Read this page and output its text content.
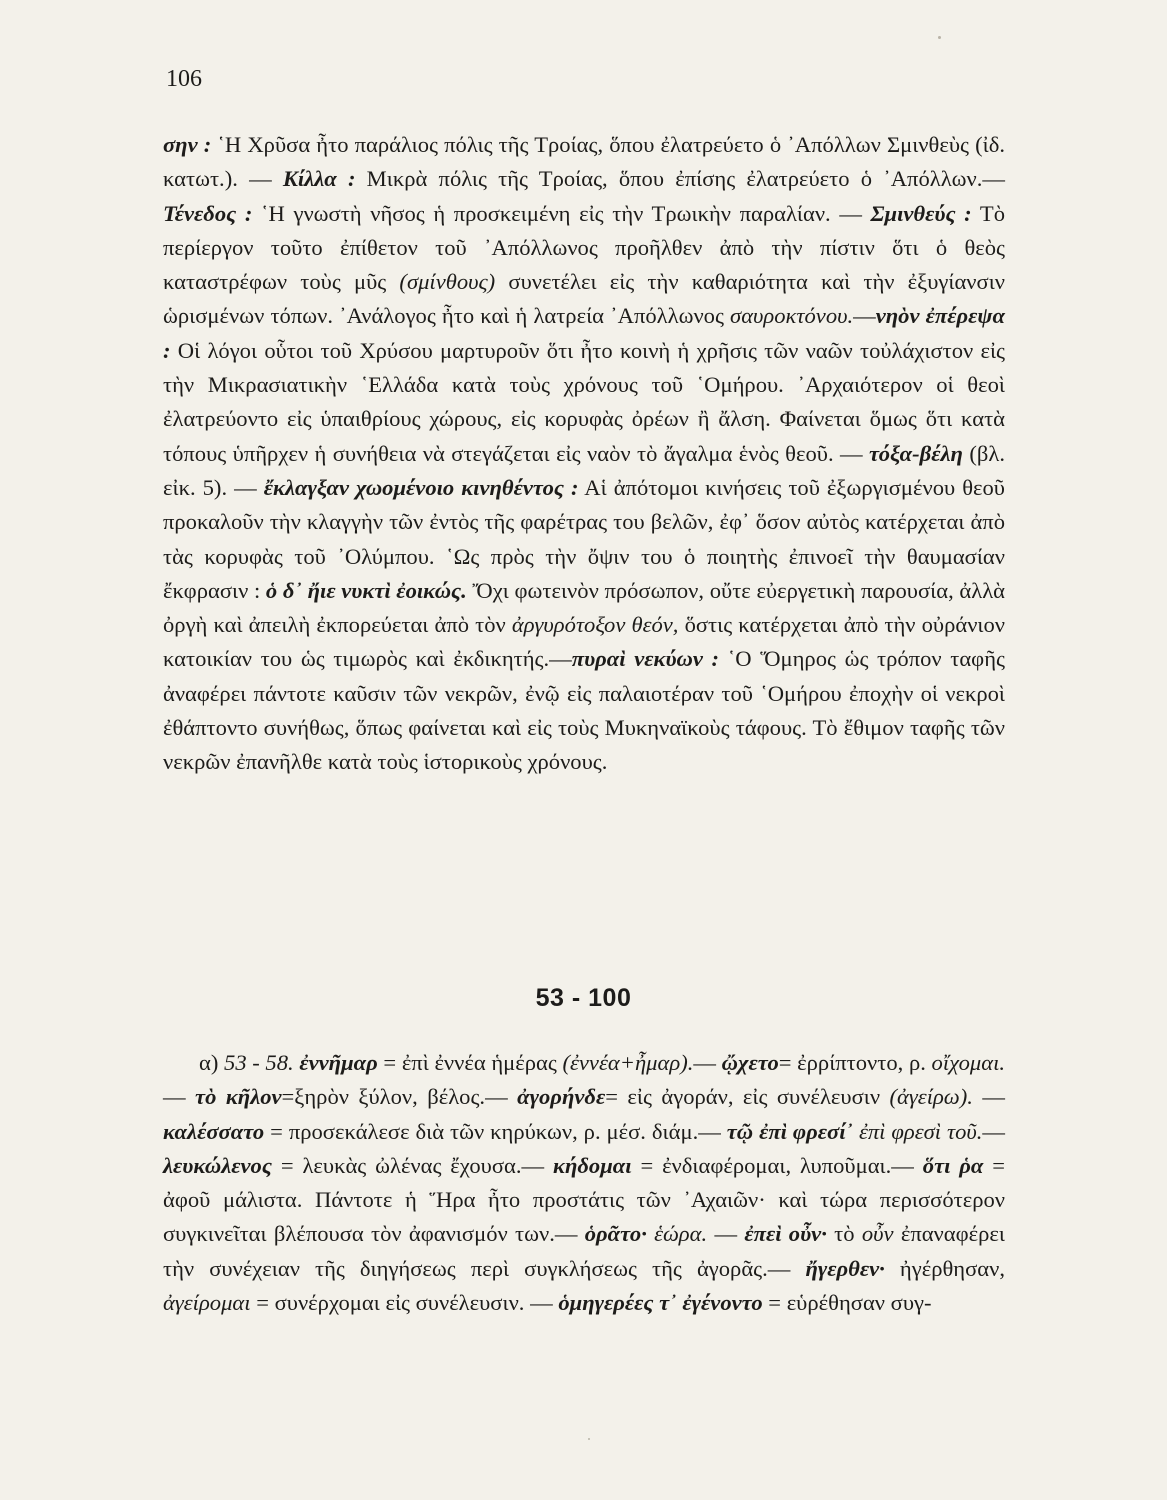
106

σην : ῾Η Χρῦσα ἦτο παράλιος πόλις τῆς Τροίας, ὅπου ἐλατρεύετο ὁ ᾿Απόλλων Σμινθεὺς (ἰδ. κατωτ.). — Κίλλα : Μικρὰ πόλις τῆς Τροίας, ὅπου ἐπίσης ἐλατρεύετο ὁ ᾿Απόλλων.— Τένεδος : ῾Η γνωστὴ νῆσος ἡ προσκειμένη εἰς τὴν Τρωικὴν παραλίαν. — Σμινθεύς : Τὸ περίεργον τοῦτο ἐπίθετον τοῦ ᾿Απόλλωνος προῆλθεν ἀπὸ τὴν πίστιν ὅτι ὁ θεὸς καταστρέφων τοὺς μῦς (σμίνθους) συνετέλει εἰς τὴν καθαριότητα καὶ τὴν ἐξυγίανσιν ὡρισμένων τόπων. ᾿Ανάλογος ἦτο καὶ ἡ λατρεία ᾿Απόλλωνος σαυροκτόνου.—νηὸν ἐπέρεψα : Οἱ λόγοι οὗτοι τοῦ Χρύσου μαρτυροῦν ὅτι ἦτο κοινὴ ἡ χρῆσις τῶν ναῶν τοὐλάχιστον εἰς τὴν Μικρασιατικὴν ῾Ελλάδα κατὰ τοὺς χρόνους τοῦ ῾Ομήρου. ᾿Αρχαιότερον οἱ θεοὶ ἐλατρεύοντο εἰς ὑπαιθρίους χώρους, εἰς κορυφὰς ὀρέων ἢ ἄλση. Φαίνεται ὅμως ὅτι κατὰ τόπους ὑπῆρχεν ἡ συνήθεια νὰ στεγάζεται εἰς ναὸν τὸ ἄγαλμα ἑνὸς θεοῦ. — τόξα-βέλη (βλ. εἰκ. 5). — ἔκλαγξαν χωομένοιο κινηθέντος : Αἱ ἀπότομοι κινήσεις τοῦ ἐξωργισμένου θεοῦ προκαλοῦν τὴν κλαγγὴν τῶν ἐντὸς τῆς φαρέτρας του βελῶν, ἐφ᾿ ὅσον αὐτὸς κατέρχεται ἀπὸ τὰς κορυφὰς τοῦ ᾿Ολύμπου. ῾Ως πρὸς τὴν ὄψιν του ὁ ποιητὴς ἐπινοεῖ τὴν θαυμασίαν ἔκφρασιν : ὁ δ᾿ ἤιε νυκτὶ ἐοικώς. Ὄχι φωτεινὸν πρόσωπον, οὔτε εὐεργετικὴ παρουσία, ἀλλὰ ὀργὴ καὶ ἀπειλὴ ἐκπορεύεται ἀπὸ τὸν ἀργυρότοξον θεόν, ὅστις κατέρχεται ἀπὸ τὴν οὐράνιον κατοικίαν του ὡς τιμωρὸς καὶ ἐκδικητής.—πυραὶ νεκύων : ῾Ο Ὅμηρος ὡς τρόπον ταφῆς ἀναφέρει πάντοτε καῦσιν τῶν νεκρῶν, ἐνῷ εἰς παλαιοτέραν τοῦ ῾Ομήρου ἐποχὴν οἱ νεκροὶ ἐθάπτοντο συνήθως, ὅπως φαίνεται καὶ εἰς τοὺς Μυκηναϊκοὺς τάφους. Τὸ ἔθιμον ταφῆς τῶν νεκρῶν ἐπανῆλθε κατὰ τοὺς ἱστορικοὺς χρόνους.

53 - 100

α) 53 - 58. ἐννῆμαρ = ἐπὶ ἐννέα ἡμέρας (ἐννέα+ἦμαρ).— ᾤχετο= ἐρρίπτοντο, ρ. οἴχομαι.— τὸ κῆλον=ξηρὸν ξύλον, βέλος.— ἀγορήνδε= εἰς ἀγοράν, εἰς συνέλευσιν (ἀγείρω). — καλέσσατο = προσεκάλεσε διὰ τῶν κηρύκων, ρ. μέσ. διάμ.— τῷ ἐπὶ φρεσί᾿ ἐπὶ φρεσὶ τοῦ.— λευκώλενος = λευκὰς ὠλένας ἔχουσα.— κήδομαι = ἐνδιαφέρομαι, λυποῦμαι.— ὅτι ῥα = ἀφοῦ μάλιστα. Πάντοτε ἡ Ἥρα ἦτο προστάτις τῶν ᾿Αχαιῶν· καὶ τώρα περισσότερον συγκινεῖται βλέπουσα τὸν ἀφανισμόν των.— ὁρᾶτο· ἑώρα. — ἐπεὶ οὖν· τὸ οὖν ἐπαναφέρει τὴν συνέχειαν τῆς διηγήσεως περὶ συγκλήσεως τῆς ἀγορᾶς.— ἤγερθεν· ἠγέρθησαν, ἀγείρομαι = συνέρχομαι εἰς συνέλευσιν. — ὁμηγερέες τ᾿ ἐγένοντο = εὑρέθησαν συγ-
